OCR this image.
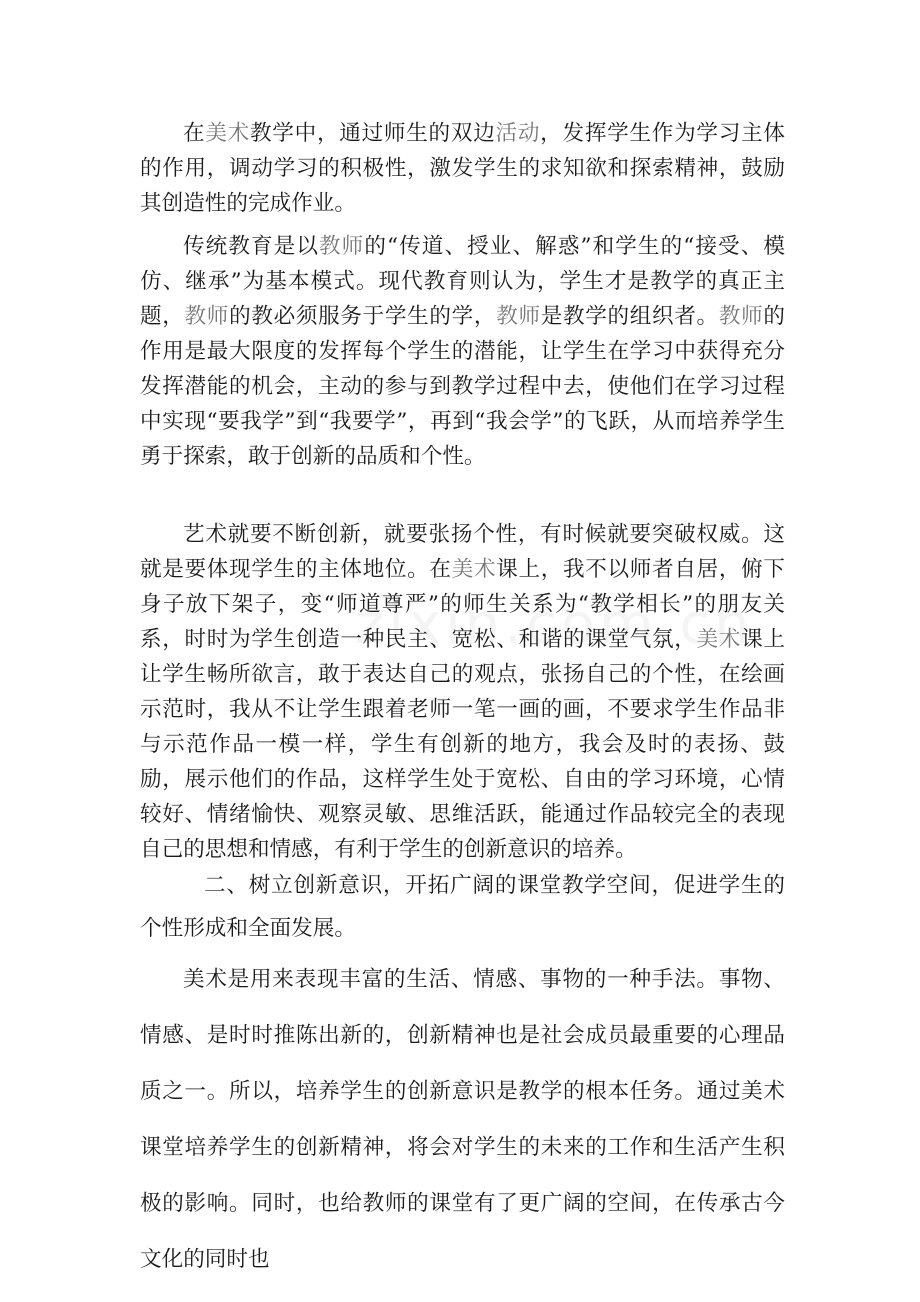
在美术教学中，通过师生的双边活动，发挥学生作为学习主体的作用，调动学习的积极性，激发学生的求知欲和探索精神，鼓励其创造性的完成作业。

传统教育是以教师的“传道、授业、解惑”和学生的“接受、模仿、继承”为基本模式。现代教育则认为，学生才是教学的真正主题，教师的教必须服务于学生的学，教师是教学的组织者。教师的作用是最大限度的发挥每个学生的潜能，让学生在学习中获得充分发挥潜能的机会，主动的参与到教学过程中去，使他们在学习过程中实现“要我学”到“我要学”，再到“我会学”的飞跃，从而培养学生勇于探索，敢于创新的品质和个性。

艺术就要不断创新，就要张扬个性，有时候就要突破权威。这就是要体现学生的主体地位。在美术课上，我不以师者自居，俯下身子放下架子，变“师道尊严”的师生关系为“教学相长”的朋友关系，时时为学生创造一种民主、宽松、和谐的课堂气氛，美术课上让学生畅所欲言，敢于表达自己的观点，张扬自己的个性，在绘画示范时，我从不让学生跟着老师一笔一画的画，不要求学生作品非与示范作品一模一样，学生有创新的地方，我会及时的表扬、鼓励，展示他们的作品，这样学生处于宽松、自由的学习环境，心情较好、情绪愉快、观察灵敏、思维活跃，能通过作品较完全的表现自己的思想和情感，有利于学生的创新意识的培养。

二、树立创新意识，开拓广阔的课堂教学空间，促进学生的个性形成和全面发展。

美术是用来表现丰富的生活、情感、事物的一种手法。事物、情感、是时时推陈出新的，创新精神也是社会成员最重要的心理品质之一。所以，培养学生的创新意识是教学的根本任务。通过美术课堂培养学生的创新精神，将会对学生的未来的工作和生活产生积极的影响。同时，也给教师的课堂有了更广阔的空间，在传承古今文化的同时也
